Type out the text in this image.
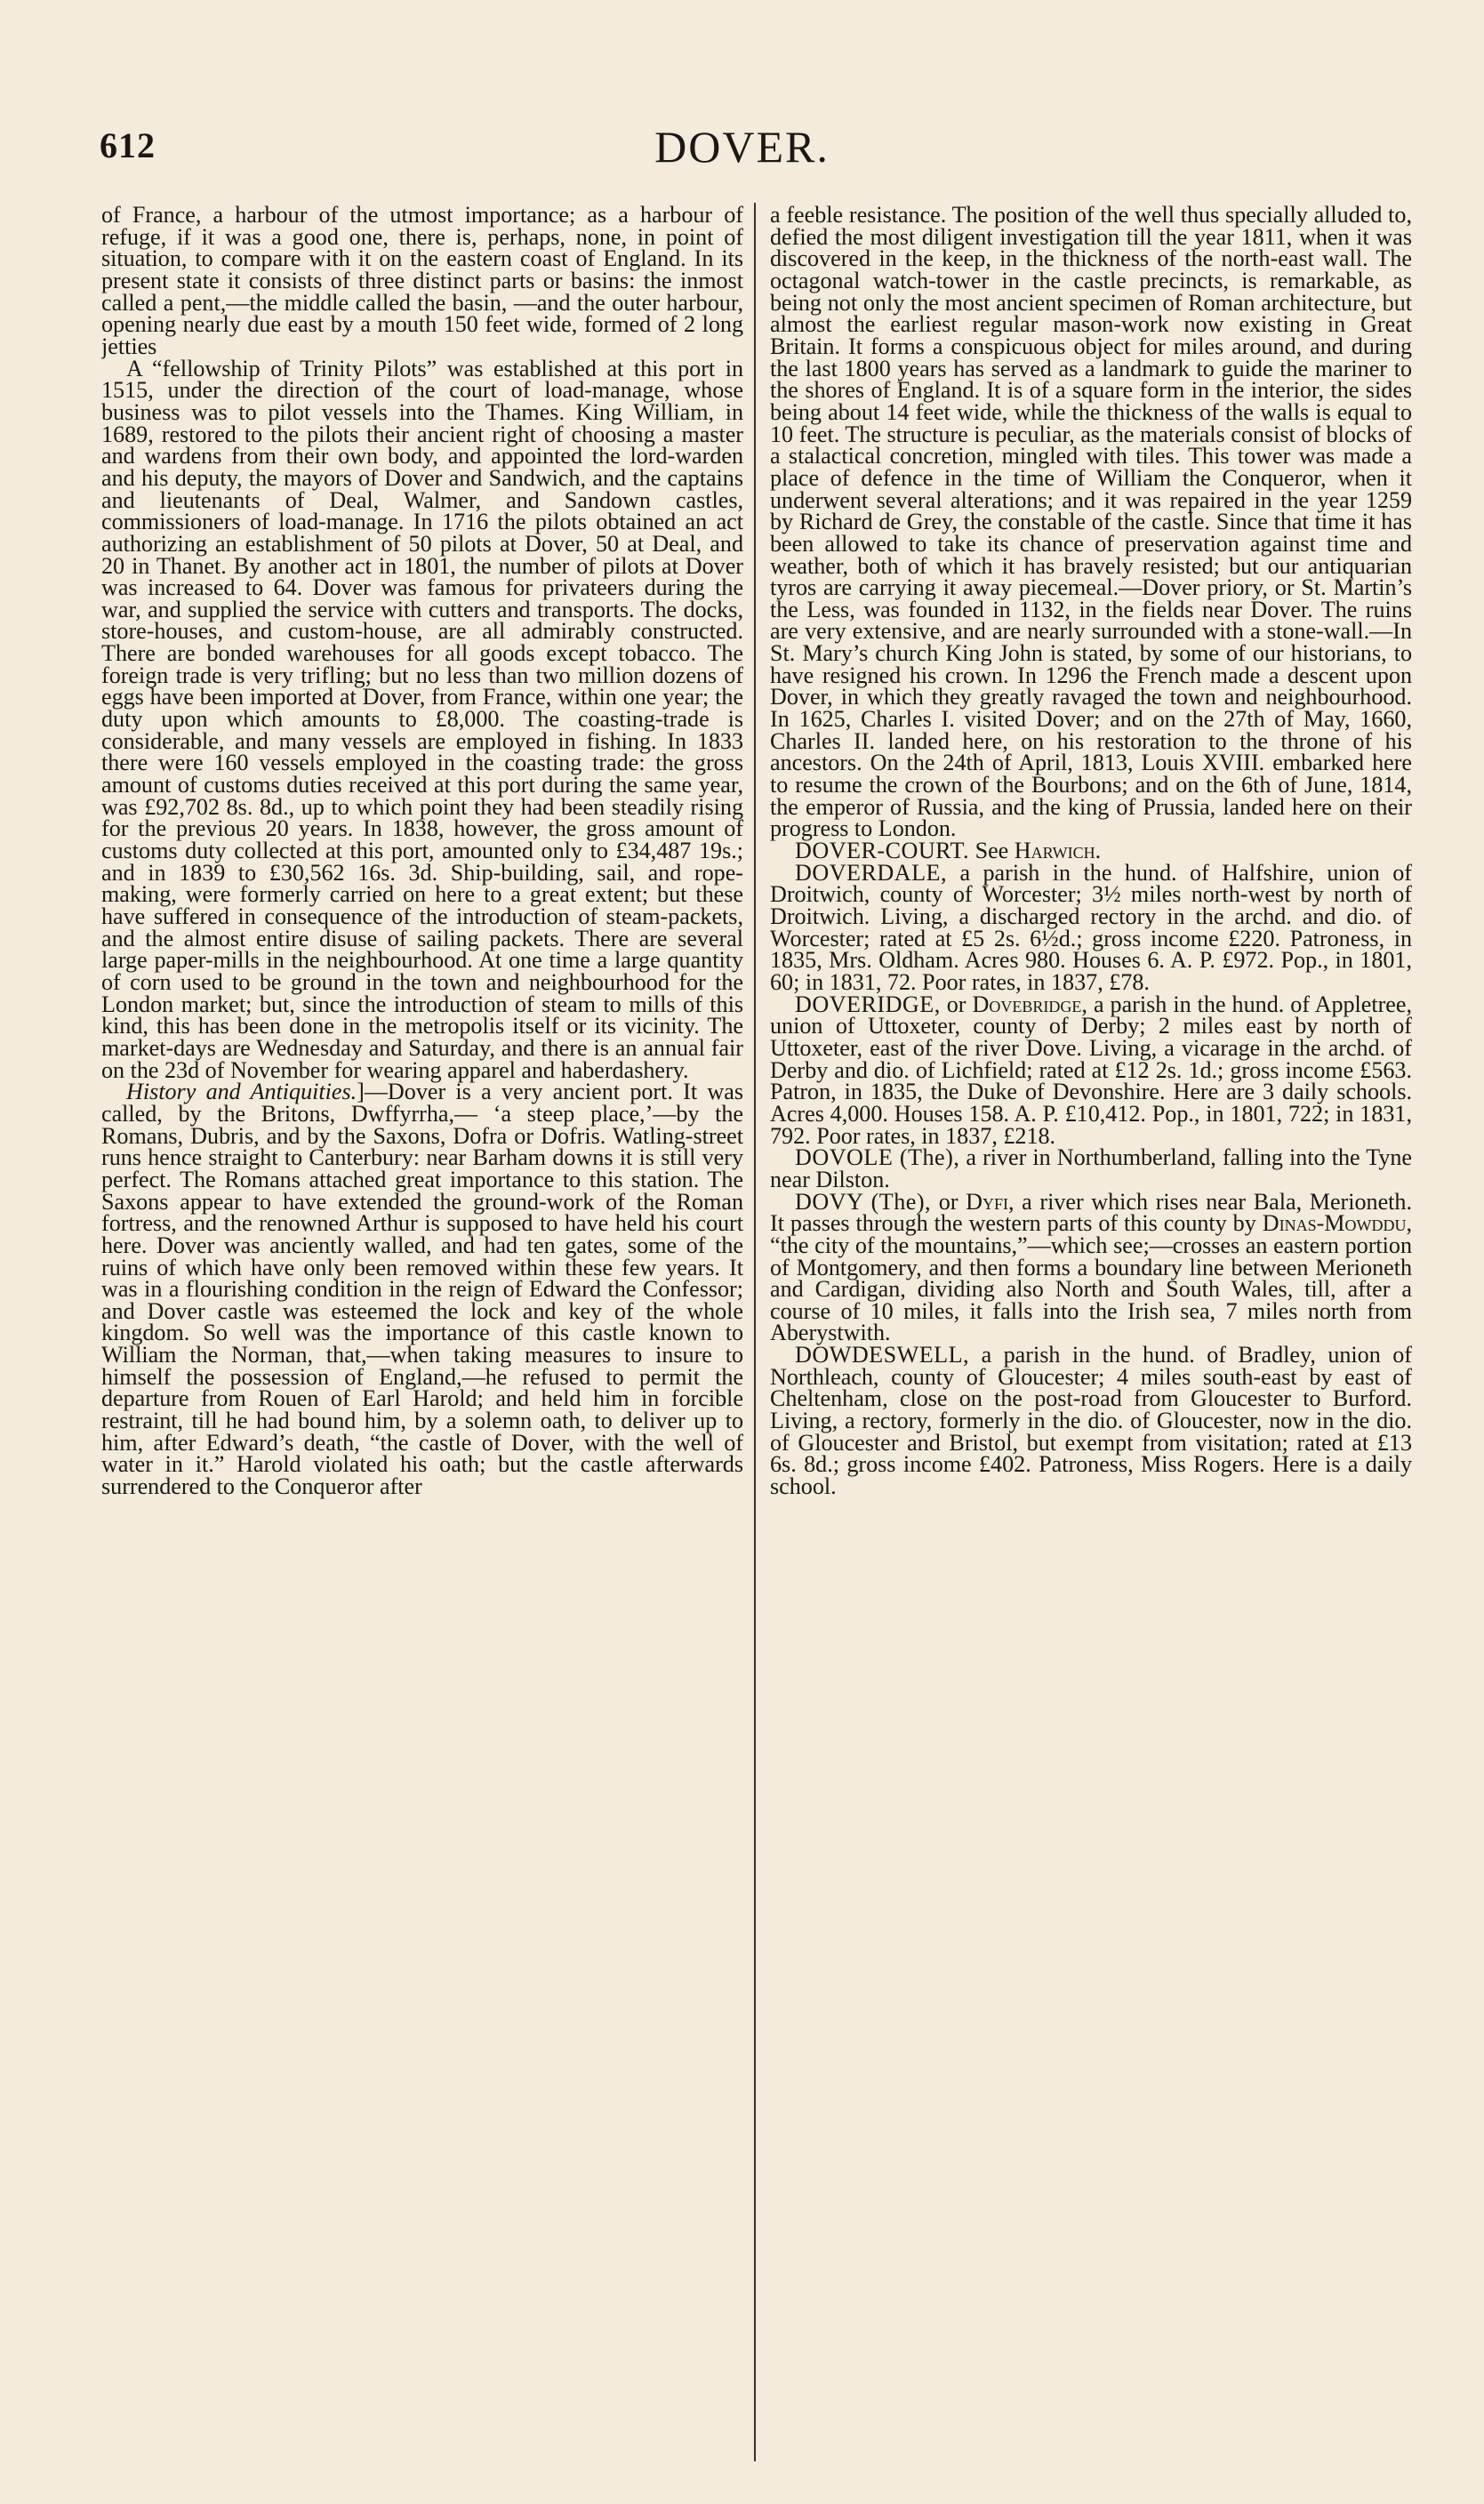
612	DOVER.

of France, a harbour of the utmost importance; as a harbour of refuge, if it was a good one, there is, perhaps, none, in point of situation, to compare with it on the eastern coast of England. In its present state it consists of three distinct parts or basins: the inmost called a pent,—the middle called the basin, —and the outer harbour, opening nearly due east by a mouth 150 feet wide, formed of 2 long jetties

A “fellowship of Trinity Pilots” was established at this port in 1515, under the direction of the court of load-manage, whose business was to pilot vessels into the Thames. King William, in 1689, restored to the pilots their ancient right of choosing a master and wardens from their own body, and appointed the lord-warden and his deputy, the mayors of Dover and Sandwich, and the captains and lieutenants of Deal, Walmer, and Sandown castles, commissioners of load-manage. In 1716 the pilots obtained an act authorizing an establishment of 50 pilots at Dover, 50 at Deal, and 20 in Thanet. By another act in 1801, the number of pilots at Dover was increased to 64. Dover was famous for privateers during the war, and supplied the service with cutters and transports. The docks, store-houses, and custom-house, are all admirably constructed. There are bonded warehouses for all goods except tobacco. The foreign trade is very trifling; but no less than two million dozens of eggs have been imported at Dover, from France, within one year; the duty upon which amounts to £8,000. The coasting-trade is considerable, and many vessels are employed in fishing. In 1833 there were 160 vessels employed in the coasting trade: the gross amount of customs duties received at this port during the same year, was £92,702 8s. 8d., up to which point they had been steadily rising for the previous 20 years. In 1838, however, the gross amount of customs duty collected at this port, amounted only to £34,487 19s.; and in 1839 to £30,562 16s. 3d. Ship-building, sail, and rope-making, were formerly carried on here to a great extent; but these have suffered in consequence of the introduction of steam-packets, and the almost entire disuse of sailing packets. There are several large paper-mills in the neighbourhood. At one time a large quantity of corn used to be ground in the town and neighbourhood for the London market; but, since the introduction of steam to mills of this kind, this has been done in the metropolis itself or its vicinity. The market-days are Wednesday and Saturday, and there is an annual fair on the 23d of November for wearing apparel and haberdashery.

History and Antiquities.]—Dover is a very ancient port. It was called, by the Britons, Dwffyrrha,— ‘a steep place,’—by the Romans, Dubris, and by the Saxons, Dofra or Dofris. Watling-street runs hence straight to Canterbury: near Barham downs it is still very perfect. The Romans attached great importance to this station. The Saxons appear to have extended the ground-work of the Roman fortress, and the renowned Arthur is supposed to have held his court here. Dover was anciently walled, and had ten gates, some of the ruins of which have only been removed within these few years. It was in a flourishing condition in the reign of Edward the Confessor; and Dover castle was esteemed the lock and key of the whole kingdom. So well was the importance of this castle known to William the Norman, that,—when taking measures to insure to himself the possession of England,—he refused to permit the departure from Rouen of Earl Harold; and held him in forcible restraint, till he had bound him, by a solemn oath, to deliver up to him, after Edward’s death, “the castle of Dover, with the well of water in it.” Harold violated his oath; but the castle afterwards surrendered to the Conqueror after

a feeble resistance. The position of the well thus specially alluded to, defied the most diligent investigation till the year 1811, when it was discovered in the keep, in the thickness of the north-east wall. The octagonal watch-tower in the castle precincts, is remarkable, as being not only the most ancient specimen of Roman architecture, but almost the earliest regular mason-work now existing in Great Britain. It forms a conspicuous object for miles around, and during the last 1800 years has served as a landmark to guide the mariner to the shores of England. It is of a square form in the interior, the sides being about 14 feet wide, while the thickness of the walls is equal to 10 feet. The structure is peculiar, as the materials consist of blocks of a stalactical concretion, mingled with tiles. This tower was made a place of defence in the time of William the Conqueror, when it underwent several alterations; and it was repaired in the year 1259 by Richard de Grey, the constable of the castle. Since that time it has been allowed to take its chance of preservation against time and weather, both of which it has bravely resisted; but our antiquarian tyros are carrying it away piecemeal.—Dover priory, or St. Martin’s the Less, was founded in 1132, in the fields near Dover. The ruins are very extensive, and are nearly surrounded with a stone-wall.—In St. Mary’s church King John is stated, by some of our historians, to have resigned his crown. In 1296 the French made a descent upon Dover, in which they greatly ravaged the town and neighbourhood. In 1625, Charles I. visited Dover; and on the 27th of May, 1660, Charles II. landed here, on his restoration to the throne of his ancestors. On the 24th of April, 1813, Louis XVIII. embarked here to resume the crown of the Bourbons; and on the 6th of June, 1814, the emperor of Russia, and the king of Prussia, landed here on their progress to London.

DOVER-COURT. See Harwich.

DOVERDALE, a parish in the hund. of Halfshire, union of Droitwich, county of Worcester; 3½ miles north-west by north of Droitwich. Living, a discharged rectory in the archd. and dio. of Worcester; rated at £5 2s. 6½d.; gross income £220. Patroness, in 1835, Mrs. Oldham. Acres 980. Houses 6. A. P. £972. Pop., in 1801, 60; in 1831, 72. Poor rates, in 1837, £78.

DOVERIDGE, or Dovebridge, a parish in the hund. of Appletree, union of Uttoxeter, county of Derby; 2 miles east by north of Uttoxeter, east of the river Dove. Living, a vicarage in the archd. of Derby and dio. of Lichfield; rated at £12 2s. 1d.; gross income £563. Patron, in 1835, the Duke of Devonshire. Here are 3 daily schools. Acres 4,000. Houses 158. A. P. £10,412. Pop., in 1801, 722; in 1831, 792. Poor rates, in 1837, £218.

DOVOLE (The), a river in Northumberland, falling into the Tyne near Dilston.

DOVY (The), or Dyfi, a river which rises near Bala, Merioneth. It passes through the western parts of this county by Dinas-Mowddu, “the city of the mountains,”—which see;—crosses an eastern portion of Montgomery, and then forms a boundary line between Merioneth and Cardigan, dividing also North and South Wales, till, after a course of 10 miles, it falls into the Irish sea, 7 miles north from Aberystwith.

DOWDESWELL, a parish in the hund. of Bradley, union of Northleach, county of Gloucester; 4 miles south-east by east of Cheltenham, close on the post-road from Gloucester to Burford. Living, a rectory, formerly in the dio. of Gloucester, now in the dio. of Gloucester and Bristol, but exempt from visitation; rated at £13 6s. 8d.; gross income £402. Patroness, Miss Rogers. Here is a daily school.
